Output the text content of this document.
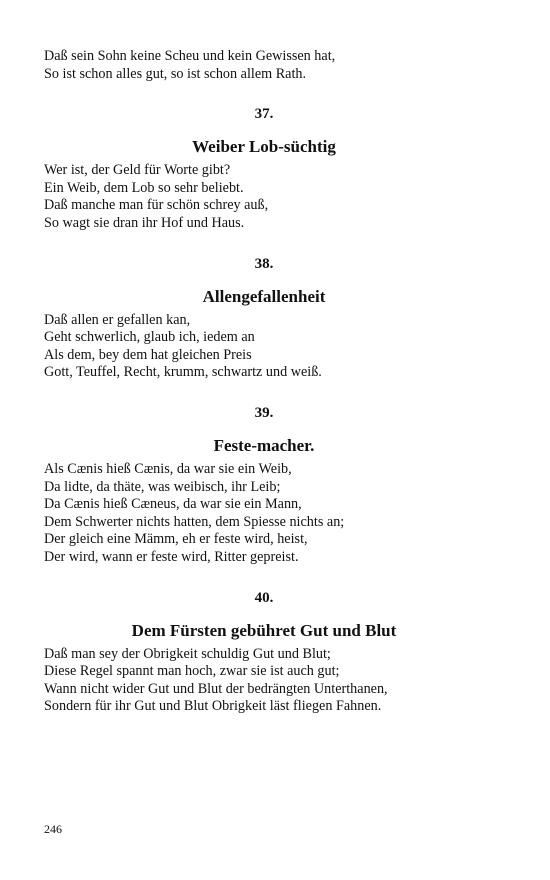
Daß sein Sohn keine Scheu und kein Gewissen hat,
So ist schon alles gut, so ist schon allem Rath.
37.
Weiber Lob-süchtig
Wer ist, der Geld für Worte gibt?
Ein Weib, dem Lob so sehr beliebt.
Daß manche man für schön schrey auß,
So wagt sie dran ihr Hof und Haus.
38.
Allengefallenheit
Daß allen er gefallen kan,
Geht schwerlich, glaub ich, iedem an
Als dem, bey dem hat gleichen Preis
Gott, Teuffel, Recht, krumm, schwartz und weiß.
39.
Feste-macher.
Als Cænis hieß Cænis, da war sie ein Weib,
Da lidte, da thäte, was weibisch, ihr Leib;
Da Cænis hieß Cæneus, da war sie ein Mann,
Dem Schwerter nichts hatten, dem Spiesse nichts an;
Der gleich eine Mämm, eh er feste wird, heist,
Der wird, wann er feste wird, Ritter gepreist.
40.
Dem Fürsten gebühret Gut und Blut
Daß man sey der Obrigkeit schuldig Gut und Blut;
Diese Regel spannt man hoch, zwar sie ist auch gut;
Wann nicht wider Gut und Blut der bedrängten Unterthanen,
Sondern für ihr Gut und Blut Obrigkeit läst fliegen Fahnen.
246
